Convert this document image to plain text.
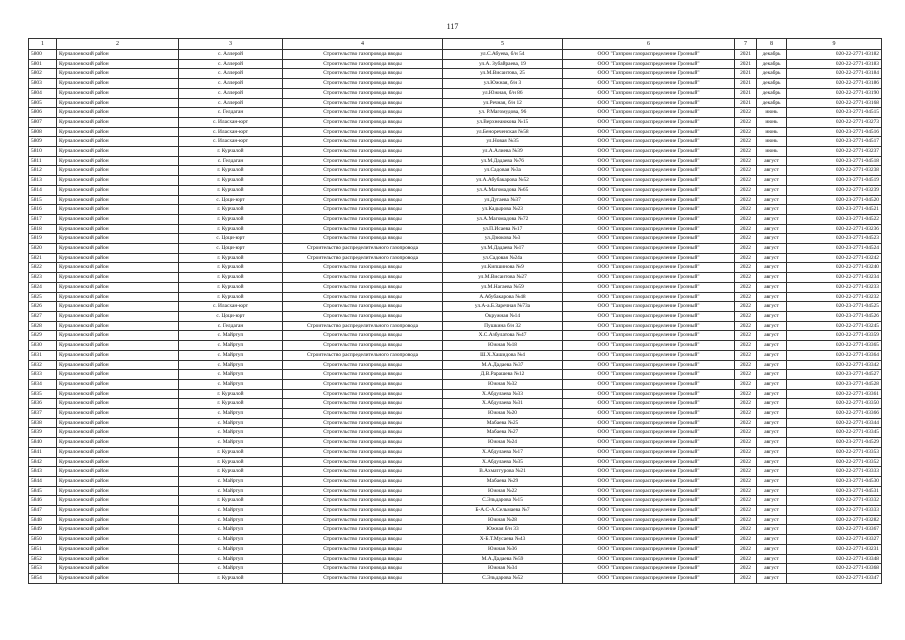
117
1	2	3	4	5	6	7	8	9
5800	Курчалоевский район	с. Аллерой	Строительство газопровода вводы	ул.С.Абуева, б/н 54	ООО "Газпром газораспределение Грозный"	2021	декабрь	020-22-2771-03182
5801	Курчалоевский район	с. Аллерой	Строительство газопровода вводы	ул.А. Зубайраева, 19	ООО "Газпром газораспределение Грозный"	2021	декабрь	020-22-2771-03183
5802	Курчалоевский район	с. Аллерой	Строительство газопровода вводы	ул.М.Висаитова, 25	ООО "Газпром газораспределение Грозный"	2021	декабрь	020-22-2771-03184
5803	Курчалоевский район	с. Аллерой	Строительство газопровода вводы	ул.Южная, б/н 3	ООО "Газпром газораспределение Грозный"	2021	декабрь	020-22-2771-03186
5804	Курчалоевский район	с. Аллерой	Строительство газопровода вводы	ул.Южная, б/н 86	ООО "Газпром газораспределение Грозный"	2021	декабрь	020-22-2771-03190
5805	Курчалоевский район	с. Аллерой	Строительство газопровода вводы	ул.Речная, б/н 12	ООО "Газпром газораспределение Грозный"	2021	декабрь	020-22-2771-03168
5806	Курчалоевский район	с. Гелдаган	Строительство газопровода вводы	ул. Р.Магомудова, 96	ООО "Газпром газораспределение Грозный"	2022	июнь	020-23-2771-04515
5807	Курчалоевский район	с. Иласхан-юрт	Строительство газопровода вводы	ул.Верхнеаюкова №15	ООО "Газпром газораспределение Грозный"	2022	июнь	020-22-2771-03273
5808	Курчалоевский район	с. Иласхан-юрт	Строительство газопровода вводы	ул.Бенореченская №58	ООО "Газпром газораспределение Грозный"	2022	июнь	020-23-2771-04516
5809	Курчалоевский район	с. Иласхан-юрт	Строительство газопровода вводы	ул.Новая №35	ООО "Газпром газораспределение Грозный"	2022	июнь	020-23-2771-04517
5810	Курчалоевский район	г. Курчалой	Строительство газопровода вводы	ул.А.Алиева №39	ООО "Газпром газораспределение Грозный"	2022	июнь	020-22-2771-03237
5811	Курчалоевский район	с. Гелдаган	Строительство газопровода вводы	ул.М.Дадаева №76	ООО "Газпром газораспределение Грозный"	2022	август	020-23-2771-04518
5812	Курчалоевский район	г. Курчалой	Строительство газопровода вводы	ул.Садовая №3а	ООО "Газпром газораспределение Грозный"	2022	август	020-22-2771-03238
5813	Курчалоевский район	г. Курчалой	Строительство газопровода вводы	ул.А.Абубакарова №52	ООО "Газпром газораспределение Грозный"	2022	август	020-23-2771-04519
5814	Курчалоевский район	г. Курчалой	Строительство газопровода вводы	ул.А.Магомадова №65	ООО "Газпром газораспределение Грозный"	2022	август	020-22-2771-03239
5815	Курчалоевский район	с. Цоци-юрт	Строительство газопровода вводы	ул.Дугаева №37	ООО "Газпром газораспределение Грозный"	2022	август	020-23-2771-04520
5816	Курчалоевский район	г. Курчалой	Строительство газопровода вводы	ул.Кадырова №23	ООО "Газпром газораспределение Грозный"	2022	август	020-23-2771-04521
5817	Курчалоевский район	г. Курчалой	Строительство газопровода вводы	ул.А.Магомадова №72	ООО "Газпром газораспределение Грозный"	2022	август	020-23-2771-04522
5818	Курчалоевский район	г. Курчалой	Строительство газопровода вводы	ул.П.Исаева №17	ООО "Газпром газораспределение Грозный"	2022	август	020-22-2771-03236
5819	Курчалоевский район	с. Цоци-юрт	Строительство газопровода вводы	ул.Дзюкова №3	ООО "Газпром газораспределение Грозный"	2022	август	020-23-2771-04523
5820	Курчалоевский район	с. Цоци-юрт	Строительство распределительного газопровода	ул.М.Дадаева №17	ООО "Газпром газораспределение Грозный"	2022	август	020-23-2771-04524
5821	Курчалоевский район	г. Курчалой	Строительство распределительного газопровода	ул.Садовая №24а	ООО "Газпром газораспределение Грозный"	2022	август	020-22-2771-03242
5822	Курчалоевский район	г. Курчалой	Строительство газопровода вводы	ул.Кипшинова №9	ООО "Газпром газораспределение Грозный"	2022	август	020-22-2771-03240
5823	Курчалоевский район	г. Курчалой	Строительство газопровода вводы	ул.М.Висаитова №27	ООО "Газпром газораспределение Грозный"	2022	август	020-22-2771-03234
5824	Курчалоевский район	г. Курчалой	Строительство газопровода вводы	ул.М.Нагаева №59	ООО "Газпром газораспределение Грозный"	2022	август	020-22-2771-03233
5825	Курчалоевский район	г. Курчалой	Строительство газопровода вводы	А.Абубакарова №48	ООО "Газпром газораспределение Грозный"	2022	август	020-22-2771-03232
5826	Курчалоевский район	с. Иласхан-юрт	Строительство газопровода вводы	ул.А-а.Б.Заречная №73а	ООО "Газпром газораспределение Грозный"	2022	август	020-23-2771-04525
5827	Курчалоевский район	с. Цоци-юрт	Строительство газопровода вводы	Окружная №14	ООО "Газпром газораспределение Грозный"	2022	август	020-23-2771-04526
5828	Курчалоевский район	с. Гелдаган	Строительство распределительного газопровода	Пушкина б/н 32	ООО "Газпром газораспределение Грозный"	2022	август	020-22-2771-03245
5829	Курчалоевский район	с. Майртуп	Строительство газопровода вводы	Х.С.Азбулатова №47	ООО "Газпром газораспределение Грозный"	2022	август	020-22-2771-03359
5830	Курчалоевский район	с. Майртуп	Строительство газопровода вводы	Южная №18	ООО "Газпром газораспределение Грозный"	2022	август	020-22-2771-03365
5831	Курчалоевский район	с. Майртуп	Строительство распределительного газопровода	Ш.Х.Хашидова №4	ООО "Газпром газораспределение Грозный"	2022	август	020-22-2771-03364
5832	Курчалоевский район	с. Майртуп	Строительство газопровода вводы	М.А.Дадаева №37	ООО "Газпром газораспределение Грозный"	2022	август	020-22-2771-03342
5833	Курчалоевский район	с. Майртуп	Строительство газопровода вводы	Д.В.Рарашева №12	ООО "Газпром газораспределение Грозный"	2022	август	020-23-2771-04527
5834	Курчалоевский район	с. Майртуп	Строительство газопровода вводы	Южная №32	ООО "Газпром газораспределение Грозный"	2022	август	020-23-2771-04528
5835	Курчалоевский район	г. Курчалой	Строительство газопровода вводы	Х.Абдулаева №33	ООО "Газпром газораспределение Грозный"	2022	август	020-22-2771-03361
5836	Курчалоевский район	г. Курчалой	Строительство газопровода вводы	Х.Абдулаева №31	ООО "Газпром газораспределение Грозный"	2022	август	020-22-2771-03350
5837	Курчалоевский район	с. Майртуп	Строительство газопровода вводы	Южная №20	ООО "Газпром газораспределение Грозный"	2022	август	020-22-2771-03366
5838	Курчалоевский район	с. Майртуп	Строительство газопровода вводы	Мабаева №25	ООО "Газпром газораспределение Грозный"	2022	август	020-22-2771-03344
5839	Курчалоевский район	с. Майртуп	Строительство газопровода вводы	Мабаева №27	ООО "Газпром газораспределение Грозный"	2022	август	020-22-2771-03345
5840	Курчалоевский район	с. Майртуп	Строительство газопровода вводы	Южная №24	ООО "Газпром газораспределение Грозный"	2022	август	020-23-2771-04529
5841	Курчалоевский район	г. Курчалой	Строительство газопровода вводы	Х.Абдулаева №17	ООО "Газпром газораспределение Грозный"	2022	август	020-22-2771-03353
5842	Курчалоевский район	г. Курчалой	Строительство газопровода вводы	Х.Абдулаева №35	ООО "Газпром газораспределение Грозный"	2022	август	020-22-2771-03352
5843	Курчалоевский район	г. Курчалой	Строительство газопровода вводы	В.Ахматгурова №21	ООО "Газпром газораспределение Грозный"	2022	август	020-22-2771-03333
5844	Курчалоевский район	с. Майртуп	Строительство газопровода вводы	Мабаева №29	ООО "Газпром газораспределение Грозный"	2022	август	020-23-2771-04530
5845	Курчалоевский район	с. Майртуп	Строительство газопровода вводы	Южная №22	ООО "Газпром газораспределение Грозный"	2022	август	020-23-2771-04531
5846	Курчалоевский район	г. Курчалой	Строительство газопровода вводы	С.Эльдарова №15	ООО "Газпром газораспределение Грозный"	2022	август	020-22-2771-03332
5847	Курчалоевский район	с. Майртуп	Строительство газопровода вводы	Б-А.С-А.Сельмаева №7	ООО "Газпром газораспределение Грозный"	2022	август	020-22-2771-03333
5848	Курчалоевский район	с. Майртуп	Строительство газопровода вводы	Южная №28	ООО "Газпром газораспределение Грозный"	2022	август	020-22-2771-03282
5849	Курчалоевский район	с. Майртуп	Строительство газопровода вводы	Южная б/н 33	ООО "Газпром газораспределение Грозный"	2022	август	020-22-2771-03367
5850	Курчалоевский район	с. Майртуп	Строительство газопровода вводы	Х-Б.Т.Мусаева №43	ООО "Газпром газораспределение Грозный"	2022	август	020-22-2771-03327
5851	Курчалоевский район	с. Майртуп	Строительство газопровода вводы	Южная №36	ООО "Газпром газораспределение Грозный"	2022	август	020-22-2771-03231
5852	Курчалоевский район	с. Майртуп	Строительство газопровода вводы	М.А.Дадаева №59	ООО "Газпром газораспределение Грозный"	2022	август	020-22-2771-03348
5853	Курчалоевский район	с. Майртуп	Строительство газопровода вводы	Южная №34	ООО "Газпром газораспределение Грозный"	2022	август	020-22-2771-03368
5854	Курчалоевский район	г. Курчалой	Строительство газопровода вводы	С.Эльдарова №52	ООО "Газпром газораспределение Грозный"	2022	август	020-22-2771-03347
